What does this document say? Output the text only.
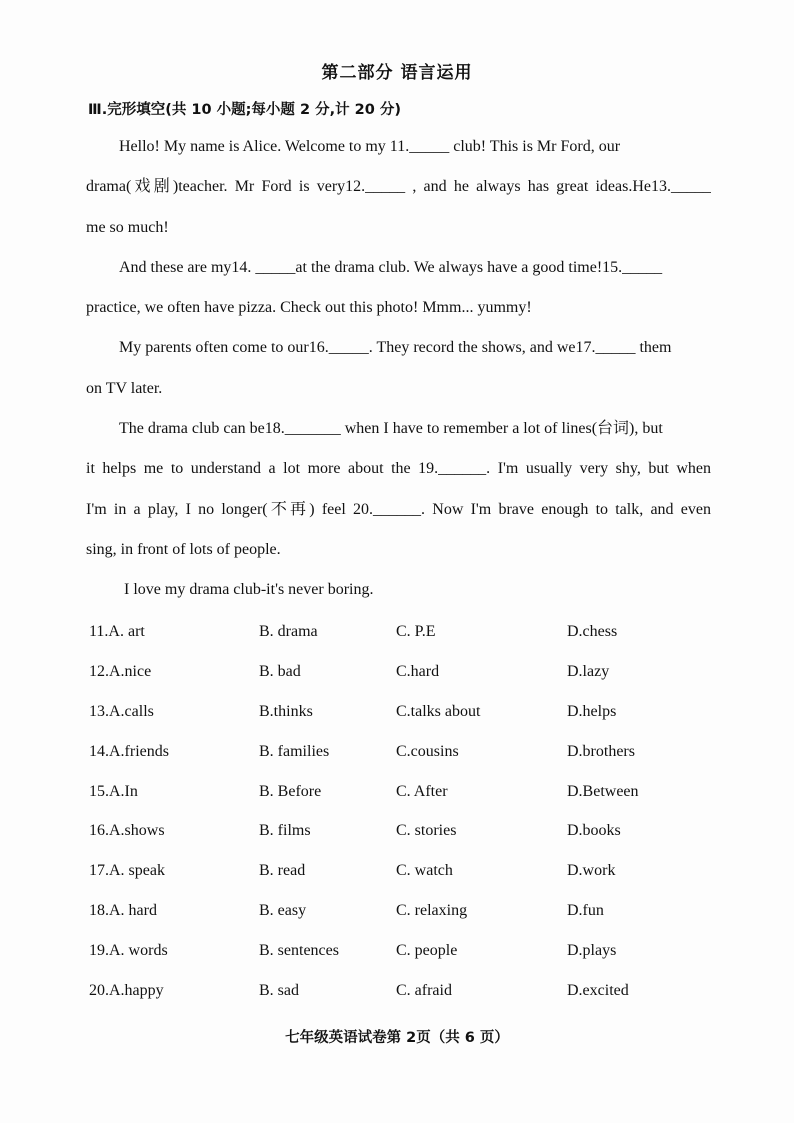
第二部分 语言运用
Ⅲ.完形填空(共 10 小题;每小题 2 分,计 20 分)
Hello! My name is Alice. Welcome to my 11._____ club! This is Mr Ford, our
drama(戏剧)teacher. Mr Ford is very12._____ , and he always has great ideas.He13._____
me so much!
And these are my14. _____at the drama club. We always have a good time!15._____
practice, we often have pizza. Check out this photo! Mmm... yummy!
My parents often come to our16._____. They record the shows, and we17._____ them
on TV later.
The drama club can be18._______ when I have to remember a lot of lines(台词), but
it helps me to understand a lot more about the 19.______. I'm usually very shy, but when
I'm in a play, I no longer(不再) feel 20.______. Now I'm brave enough to talk, and even
sing, in front of lots of people.
I love my drama club-it's never boring.
11.A. art	B. drama	C. P.E	D.chess
12.A.nice	B. bad	C.hard	D.lazy
13.A.calls	B.thinks	C.talks about	D.helps
14.A.friends	B. families	C.cousins	D.brothers
15.A.In	B. Before	C. After	D.Between
16.A.shows	B. films	C. stories	D.books
17.A. speak	B. read	C. watch	D.work
18.A. hard	B. easy	C. relaxing	D.fun
19.A. words	B. sentences	C. people	D.plays
20.A.happy	B. sad	C. afraid	D.excited
七年级英语试卷第 2页（共 6 页）
